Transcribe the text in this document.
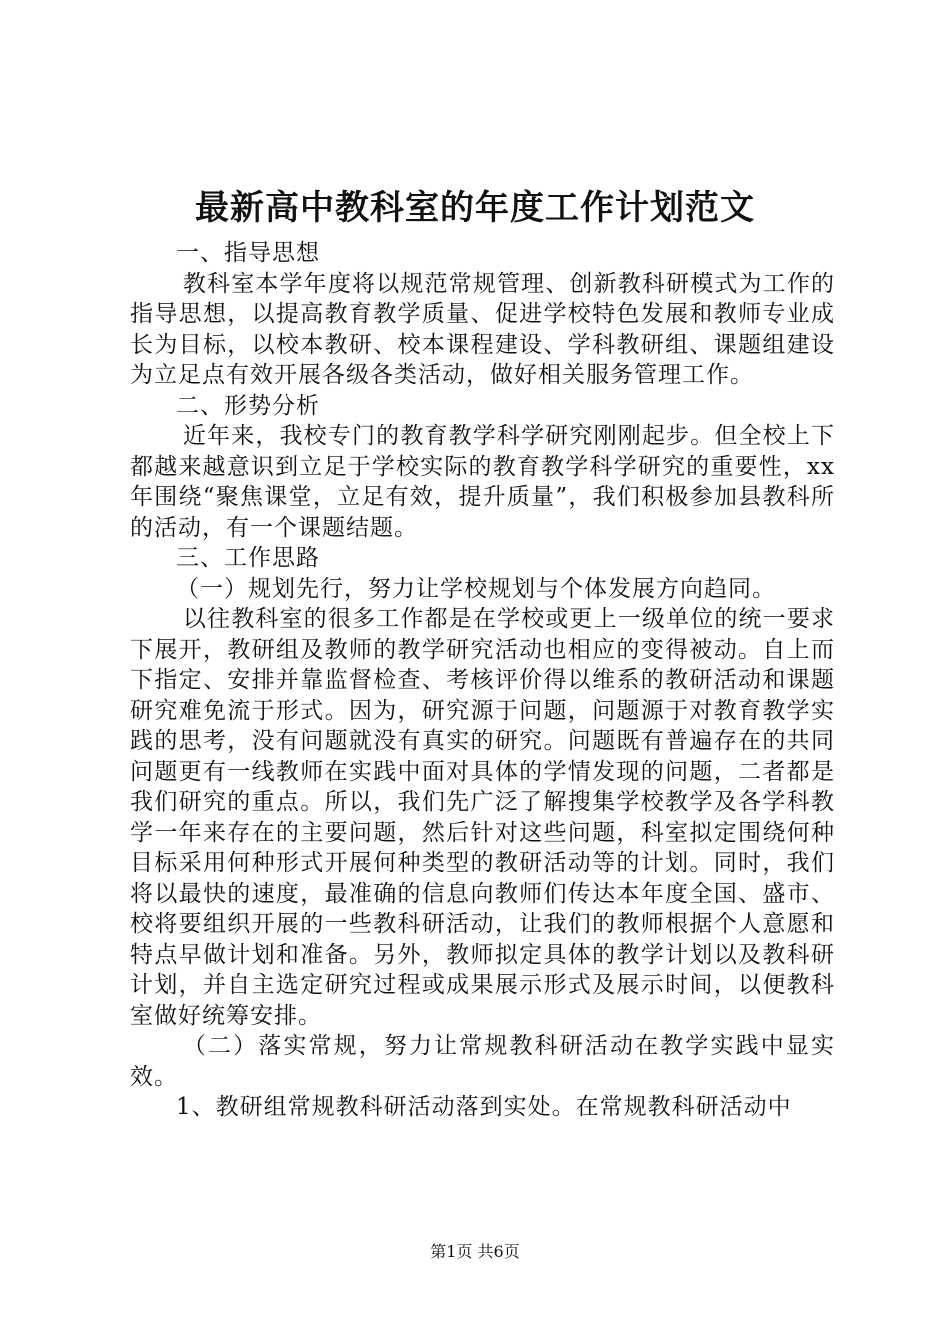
最新高中教科室的年度工作计划范文

一、指导思想

教科室本学年度将以规范常规管理、创新教科研模式为工作的指导思想，以提高教育教学质量、促进学校特色发展和教师专业成长为目标，以校本教研、校本课程建设、学科教研组、课题组建设为立足点有效开展各级各类活动，做好相关服务管理工作。

二、形势分析

近年来，我校专门的教育教学科学研究刚刚起步。但全校上下都越来越意识到立足于学校实际的教育教学科学研究的重要性，xx年围绕“聚焦课堂，立足有效，提升质量”，我们积极参加县教科所的活动，有一个课题结题。

三、工作思路

（一）规划先行，努力让学校规划与个体发展方向趋同。

以往教科室的很多工作都是在学校或更上一级单位的统一要求下展开，教研组及教师的教学研究活动也相应的变得被动。自上而下指定、安排并靠监督检查、考核评价得以维系的教研活动和课题研究难免流于形式。因为，研究源于问题，问题源于对教育教学实践的思考，没有问题就没有真实的研究。问题既有普遍存在的共同问题更有一线教师在实践中面对具体的学情发现的问题，二者都是我们研究的重点。所以，我们先广泛了解搜集学校教学及各学科教学一年来存在的主要问题，然后针对这些问题，科室拟定围绕何种目标采用何种形式开展何种类型的教研活动等的计划。同时，我们将以最快的速度，最准确的信息向教师们传达本年度全国、盛市、校将要组织开展的一些教科研活动，让我们的教师根据个人意愿和特点早做计划和准备。另外，教师拟定具体的教学计划以及教科研计划，并自主选定研究过程或成果展示形式及展示时间，以便教科室做好统筹安排。

（二）落实常规，努力让常规教科研活动在教学实践中显实效。

1、教研组常规教科研活动落到实处。在常规教科研活动中

第1页 共6页
